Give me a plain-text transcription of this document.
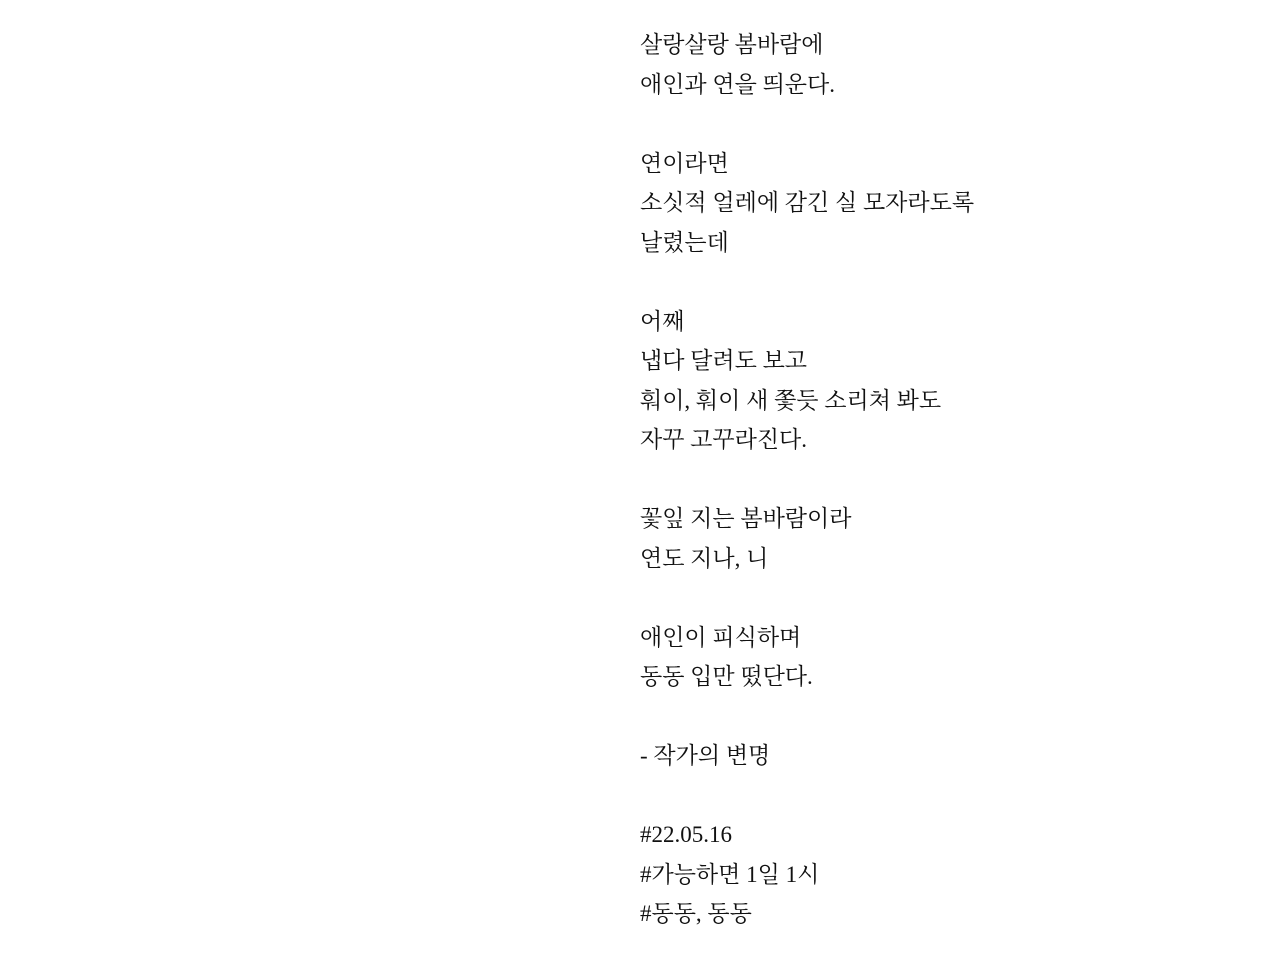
살랑살랑 봄바람에
애인과 연을 띄운다.
연이라면
소싯적 얼레에 감긴 실 모자라도록
날렸는데
어째
냅다 달려도 보고
훠이, 훠이 새 쫓듯 소리쳐 봐도
자꾸 고꾸라진다.
꽃잎 지는 봄바람이라
연도 지나, 니
애인이 피식하며
동동 입만 떴단다.
- 작가의 변명
#22.05.16
#가능하면 1일 1시
#동동, 동동
